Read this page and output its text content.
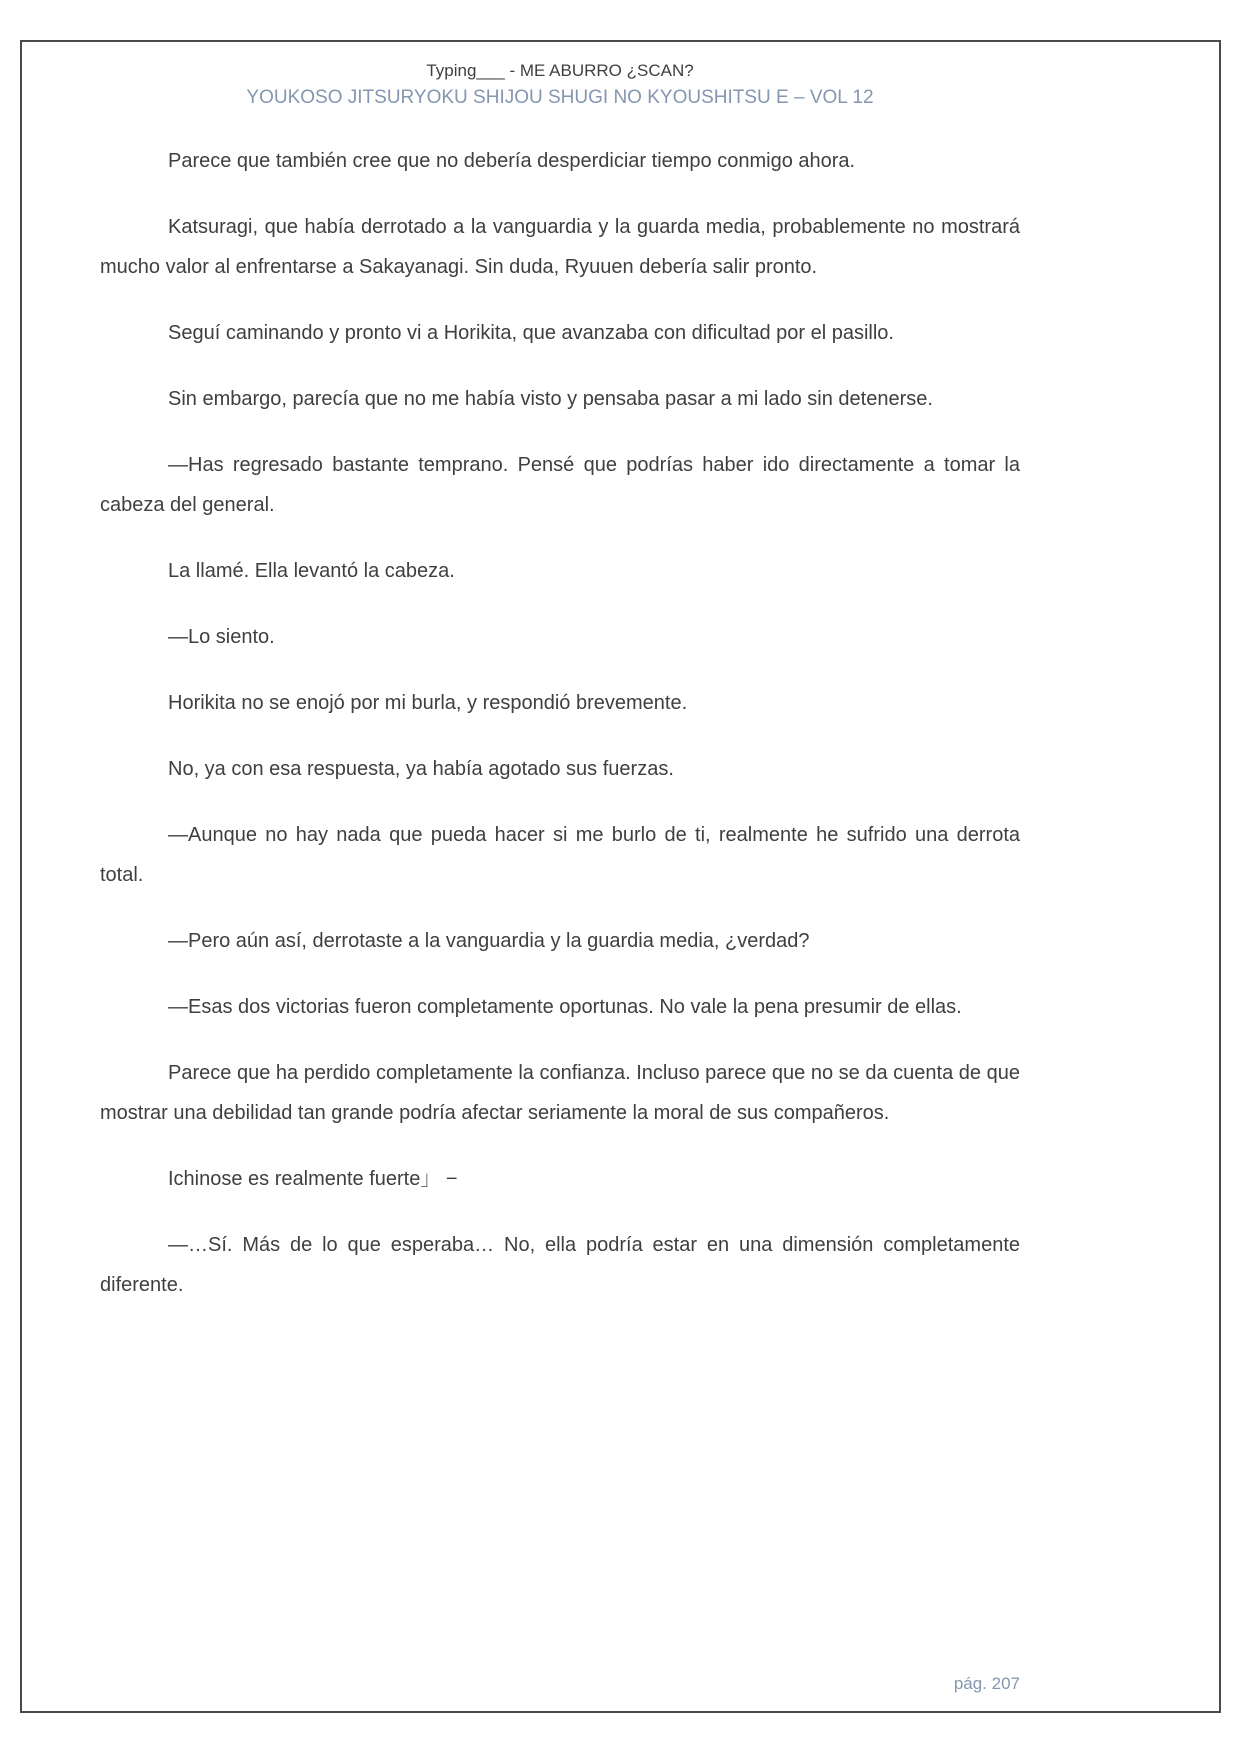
Typing___ - ME ABURRO ¿SCAN?
YOUKOSO JITSURYOKU SHIJOU SHUGI NO KYOUSHITSU E – VOL 12

Parece que también cree que no debería desperdiciar tiempo conmigo ahora.

Katsuragi, que había derrotado a la vanguardia y la guarda media, probablemente no mostrará mucho valor al enfrentarse a Sakayanagi. Sin duda, Ryuuen debería salir pronto.

Seguí caminando y pronto vi a Horikita, que avanzaba con dificultad por el pasillo.

Sin embargo, parecía que no me había visto y pensaba pasar a mi lado sin detenerse.

—Has regresado bastante temprano. Pensé que podrías haber ido directamente a tomar la cabeza del general.

La llamé. Ella levantó la cabeza.

—Lo siento.

Horikita no se enojó por mi burla, y respondió brevemente.

No, ya con esa respuesta, ya había agotado sus fuerzas.

—Aunque no hay nada que pueda hacer si me burlo de ti, realmente he sufrido una derrota total.

—Pero aún así, derrotaste a la vanguardia y la guardia media, ¿verdad?

—Esas dos victorias fueron completamente oportunas. No vale la pena presumir de ellas.

Parece que ha perdido completamente la confianza. Incluso parece que no se da cuenta de que mostrar una debilidad tan grande podría afectar seriamente la moral de sus compañeros.

Ichinose es realmente fuerte」 −

—…Sí. Más de lo que esperaba… No, ella podría estar en una dimensión completamente diferente.

pág. 207
